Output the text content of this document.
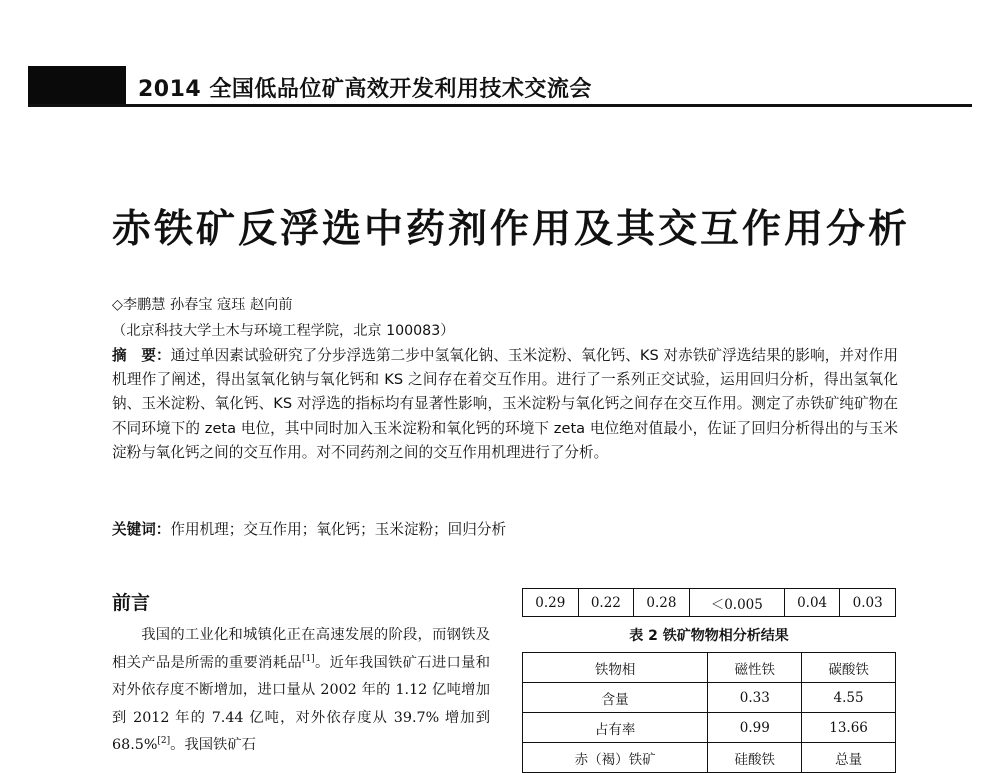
2014 全国低品位矿高效开发利用技术交流会
赤铁矿反浮选中药剂作用及其交互作用分析
◇李鹏慧 孙春宝 寇珏 赵向前
（北京科技大学土木与环境工程学院，北京 100083）
摘　要：通过单因素试验研究了分步浮选第二步中氢氧化钠、玉米淀粉、氧化钙、KS 对赤铁矿浮选结果的影响，并对作用机理作了阐述，得出氢氧化钠与氧化钙和 KS 之间存在着交互作用。进行了一系列正交试验，运用回归分析，得出氢氧化钠、玉米淀粉、氧化钙、KS 对浮选的指标均有显著性影响，玉米淀粉与氧化钙之间存在交互作用。测定了赤铁矿纯矿物在不同环境下的 zeta 电位，其中同时加入玉米淀粉和氧化钙的环境下 zeta 电位绝对值最小，佐证了回归分析得出的与玉米淀粉与氧化钙之间的交互作用。对不同药剂之间的交互作用机理进行了分析。
关键词：作用机理；交互作用；氧化钙；玉米淀粉；回归分析
前言
我国的工业化和城镇化正在高速发展的阶段，而钢铁及相关产品是所需的重要消耗品[1]。近年我国铁矿石进口量和对外依存度不断增加，进口量从 2002 年的 1.12 亿吨增加到 2012 年的 7.44 亿吨，对外依存度从 39.7% 增加到 68.5%[2]。我国铁矿石
0.29	0.22	0.28	＜0.005	0.04	0.03
表 2 铁矿物物相分析结果
铁物相	磁性铁	碳酸铁
含量	0.33	4.55
占有率	0.99	13.66
赤（褐）铁矿	硅酸铁	总量
